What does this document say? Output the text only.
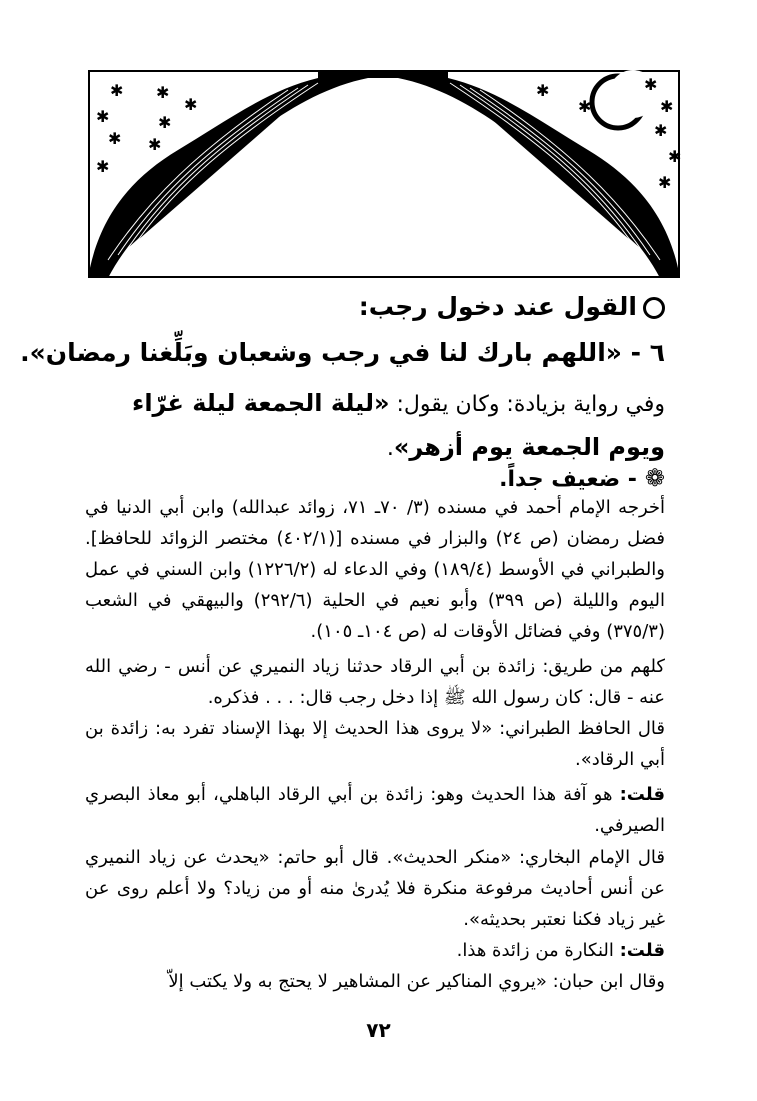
✱ ✱
✱
✱
✱
✱ ✱
✱
✱
✱
✱
✱
✱
✱
✱
القول عند دخول رجب:
٦ - «اللهم بارك لنا في رجب وشعبان وبَلِّغنا رمضان».
وفي رواية بزيادة: وكان يقول: «ليلة الجمعة ليلة غرّاء ويوم الجمعة يوم أزهر».
❁- ضعيف جداً.
أخرجه الإمام أحمد في مسنده (٣/ ٧٠ـ ٧١، زوائد عبدالله) وابن أبي الدنيا في فضل رمضان (ص ٢٤) والبزار في مسنده [(٤٠٢/١) مختصر الزوائد للحافظ]. والطبراني في الأوسط (١٨٩/٤) وفي الدعاء له (١٢٢٦/٢) وابن السني في عمل اليوم والليلة (ص ٣٩٩) وأبو نعيم في الحلية (٢٩٢/٦) والبيهقي في الشعب (٣٧٥/٣) وفي فضائل الأوقات له (ص ١٠٤ـ ١٠٥).
كلهم من طريق: زائدة بن أبي الرقاد حدثنا زياد النميري عن أنس - رضي الله عنه - قال: كان رسول الله ﷺ إذا دخل رجب قال: . . . فذكره.
قال الحافظ الطبراني: «لا يروى هذا الحديث إلا بهذا الإسناد تفرد به: زائدة بن أبي الرقاد».
قلت: هو آفة هذا الحديث وهو: زائدة بن أبي الرقاد الباهلي، أبو معاذ البصري الصيرفي.
قال الإمام البخاري: «منكر الحديث». قال أبو حاتم: «يحدث عن زياد النميري عن أنس أحاديث مرفوعة منكرة فلا يُدرىٰ منه أو من زياد؟ ولا أعلم روى عن غير زياد فكنا نعتبر بحديثه».
قلت: النكارة من زائدة هذا.
وقال ابن حبان: «يروي المناكير عن المشاهير لا يحتج به ولا يكتب إلاّ
٧٢
